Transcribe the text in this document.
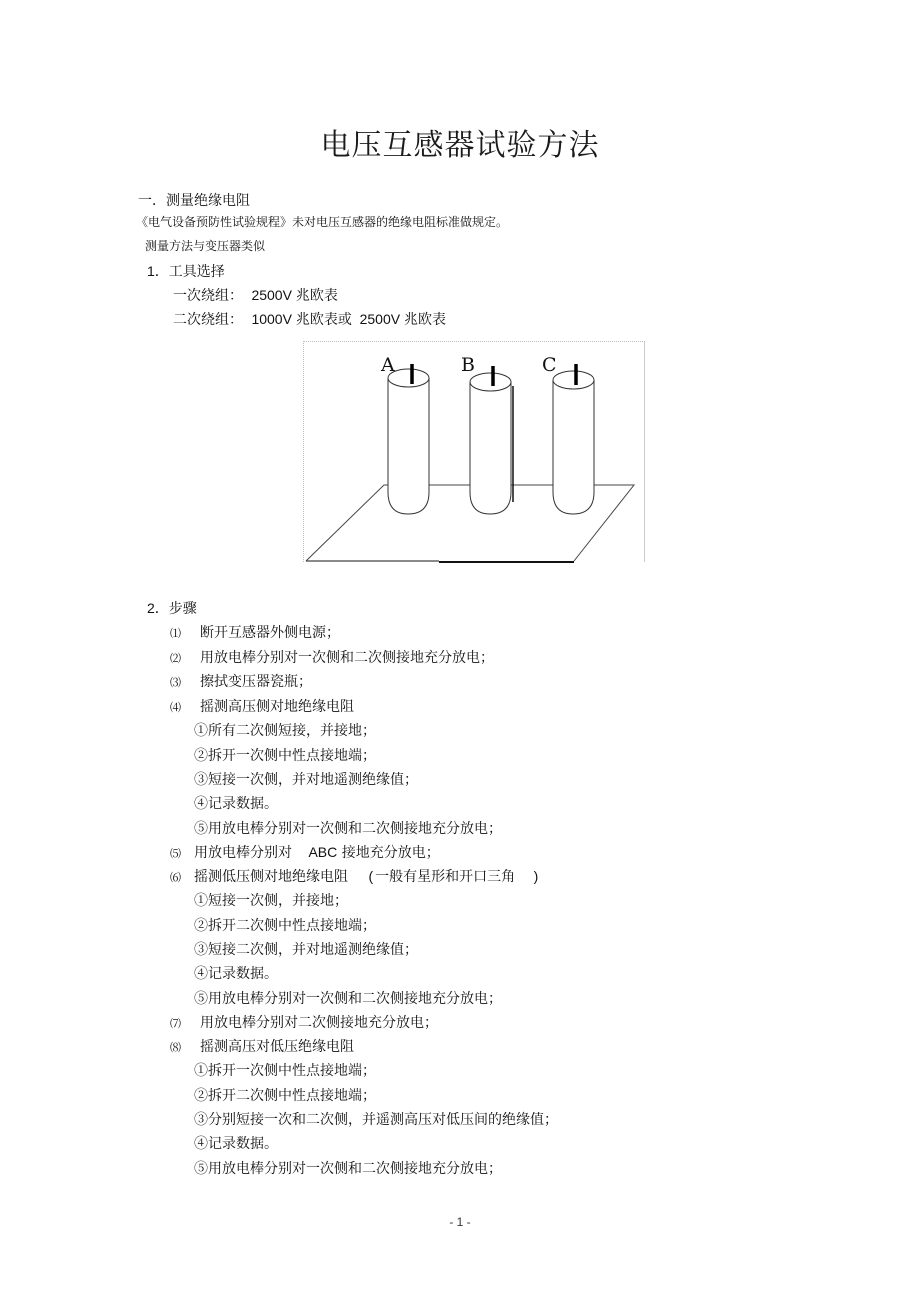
电压互感器试验方法
一．测量绝缘电阻
《电气设备预防性试验规程》未对电压互感器的绝缘电阻标准做规定。
测量方法与变压器类似
1．工具选择
一次绕组： 2500V 兆欧表
二次绕组： 1000V 兆欧表或  2500V 兆欧表
A	B	C
2．步骤
⑴ 断开互感器外侧电源；
⑵ 用放电棒分别对一次侧和二次侧接地充分放电；
⑶ 擦拭变压器瓷瓶；
⑷ 摇测高压侧对地绝缘电阻
①所有二次侧短接，并接地；
②拆开一次侧中性点接地端；
③短接一次侧，并对地遥测绝缘值；
④记录数据。
⑤用放电棒分别对一次侧和二次侧接地充分放电；
⑸ 用放电棒分别对 ABC 接地充分放电；
⑹ 摇测低压侧对地绝缘电阻 ( 一般有星形和开口三角 )
①短接一次侧，并接地；
②拆开二次侧中性点接地端；
③短接二次侧，并对地遥测绝缘值；
④记录数据。
⑤用放电棒分别对一次侧和二次侧接地充分放电；
⑺ 用放电棒分别对二次侧接地充分放电；
⑻ 摇测高压对低压绝缘电阻
①拆开一次侧中性点接地端；
②拆开二次侧中性点接地端；
③分别短接一次和二次侧，并遥测高压对低压间的绝缘值；
④记录数据。
⑤用放电棒分别对一次侧和二次侧接地充分放电；
- 1 -
